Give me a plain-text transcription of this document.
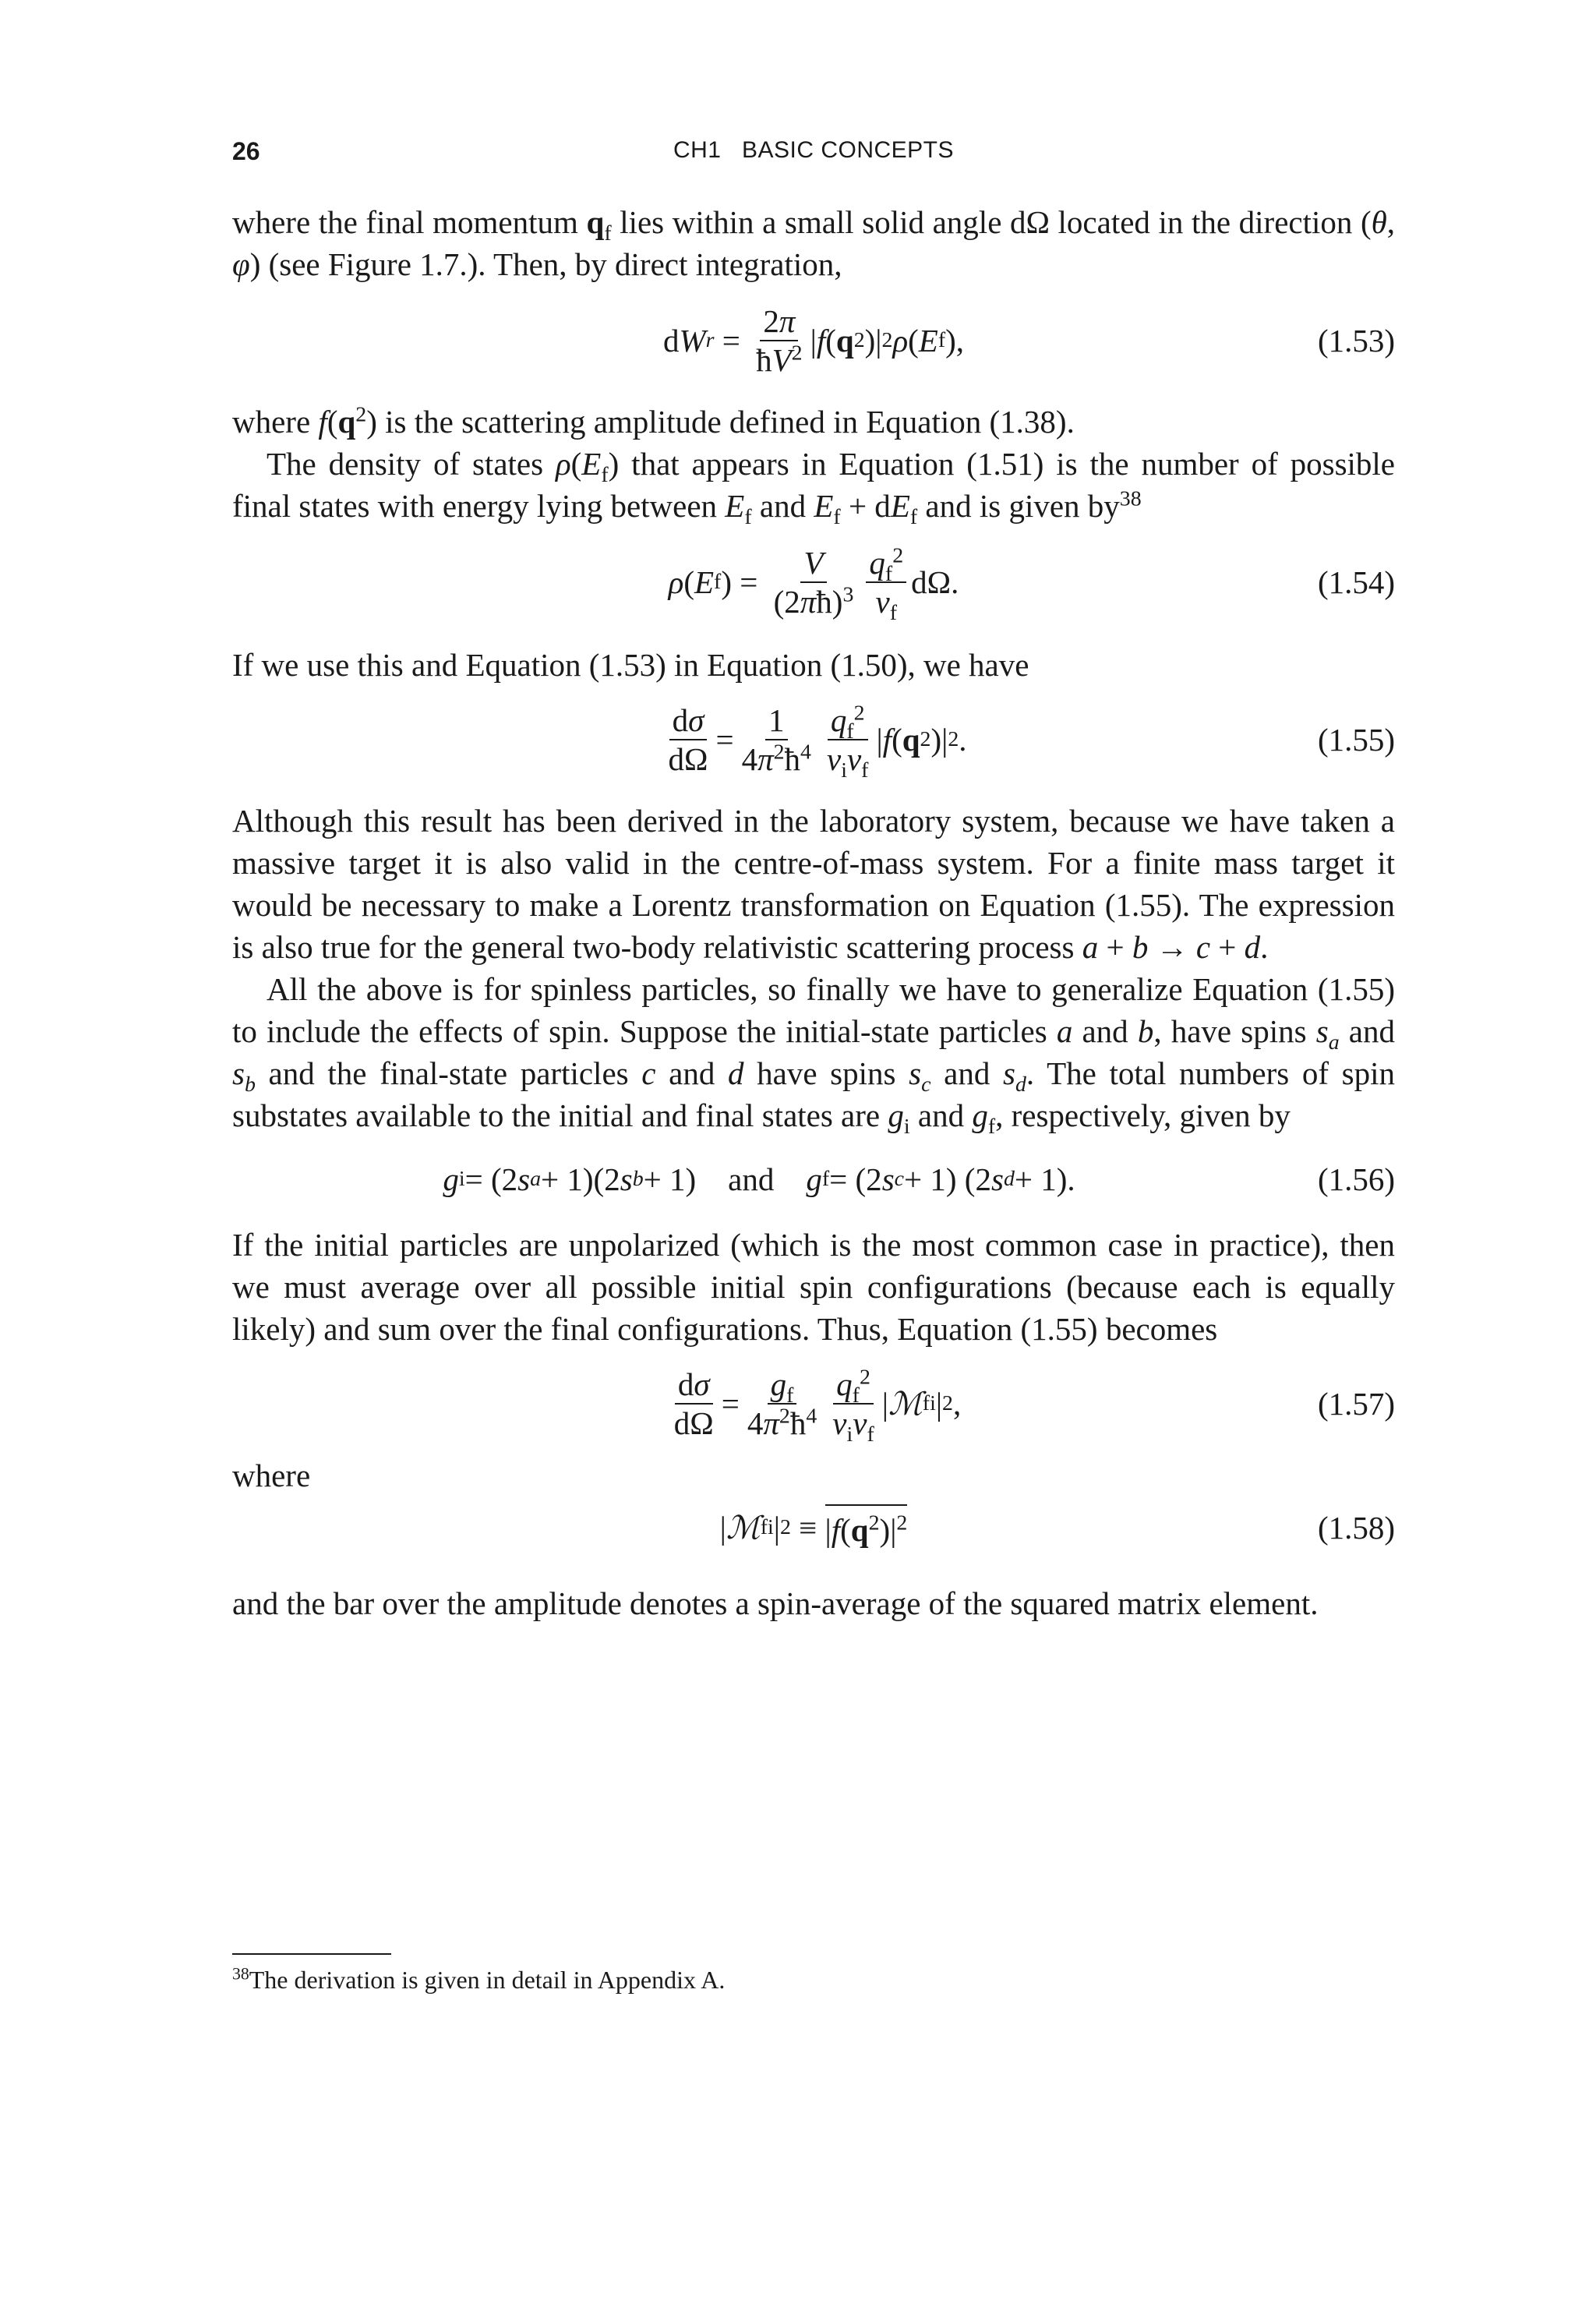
26	CH1   BASIC CONCEPTS

where the final momentum $q_f$ lies within a small solid angle dΩ located in the direction (θ, φ) (see Figure 1.7.). Then, by direct integration,

d W $r = \frac{2\pi}{ħV^2}$ | f ( q 2 )| 2 ρ ( E f ),	(1.53)

where $f(q^2)$ is the scattering amplitude defined in Equation (1.38).

The density of states $\rho(E_f)$ that appears in Equation (1.51) is the number of possible final states with energy lying between $E_f$ and $E_f + dE_f$ and is given $by^{38}$

ρ ( E f ) = $\frac{V}{(2\pi ħ)^3} \frac{q_f^2}{v_f} d\Omega$.	(1.54)

If we use this and Equation (1.53) in Equation (1.50), we have

$\frac{d\sigma}{d\Omega} = \frac{1}{4\pi^2ħ^4} \frac{q_f^2}{v_iv_f}$ | f ( q 2 )| 2 .	(1.55)

Although this result has been derived in the laboratory system, because we have taken a massive target it is also valid in the centre-of-mass system. For a finite mass target it would be necessary to make a Lorentz transformation on Equation (1.55). The expression is also true for the general two-body relativistic scattering process a + b → c + d.

All the above is for spinless particles, so finally we have to generalize Equation (1.55) to include the effects of spin. Suppose the initial-state particles a and b, have spins $s_a$ and $s_b$ and the final-state particles c and d have spins $s_c$ and $s_d$. The total numbers of spin substates available to the initial and final states are $g_i$ and $g_f$, respectively, given by

g i = (2 s a + 1)(2 s b + 1)    and g f = (2 s c + 1) (2 s d + 1).	(1.56)

If the initial particles are unpolarized (which is the most common case in practice), then we must average over all possible initial spin configurations (because each is equally likely) and sum over the final configurations. Thus, Equation (1.55) becomes

$\frac{d\sigma}{d\Omega} = \frac{g_f}{4\pi^2ħ^4} \frac{q_f^2}{v_iv_f}$ | ℳ fi | 2 ,	(1.57)

where

| ℳ fi | $2 \equiv |f(q^2)|^2$	(1.58)

and the bar over the amplitude denotes a spin-average of the squared matrix element.

$^{38}$The derivation is given in detail in Appendix A.
